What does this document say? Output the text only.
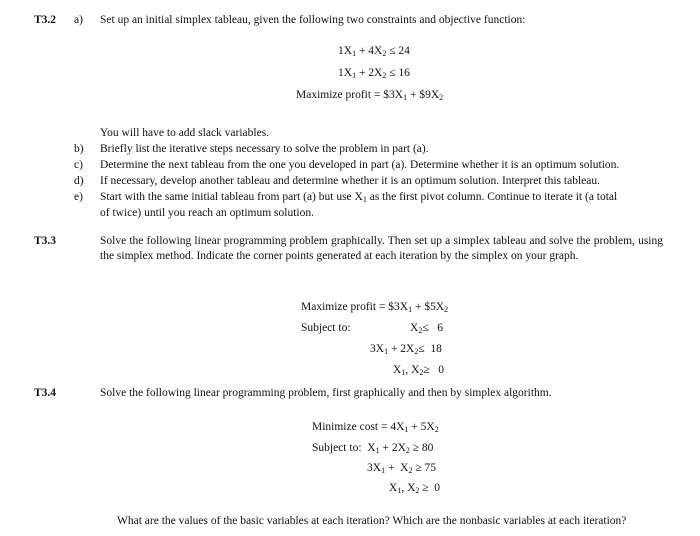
T3.2 a) Set up an initial simplex tableau, given the following two constraints and objective function:
$1X_1 + 4X_2 \le 24$
$1X_1 + 2X_2 \le 16$
Maximize profit = $\$3X_1$ + $\$9X_2$
You will have to add slack variables.
b) Briefly list the iterative steps necessary to solve the problem in part (a).
c) Determine the next tableau from the one you developed in part (a). Determine whether it is an optimum solution.
d) If necessary, develop another tableau and determine whether it is an optimum solution. Interpret this tableau.
e) Start with the same initial tableau from part (a) but use $X_1$ as the first pivot column. Continue to iterate it (a total
of twice) until you reach an optimum solution.
T3.3	Solve the following linear programming problem graphically. Then set up a simplex tableau and solve the problem, using the simplex method. Indicate the corner points generated at each iteration by the simplex on your graph.
Maximize profit = $\$3X_1$ + $\$5X_2$
Subject to:	$X_2\le 6$
$3X_1 + 2X_2\le 18$
$X_1$, $X_2\ge 0$
T3.4	Solve the following linear programming problem, first graphically and then by simplex algorithm.
Minimize $\cos t = 4X_1 + 5X_2$
Subject to:  $X_1 + 2X_2 \ge 80$
$3X_1 + X_2 \ge 75$
$X_1$, $X_2 \ge 0$
What are the values of the basic variables at each iteration? Which are the nonbasic variables at each iteration?
